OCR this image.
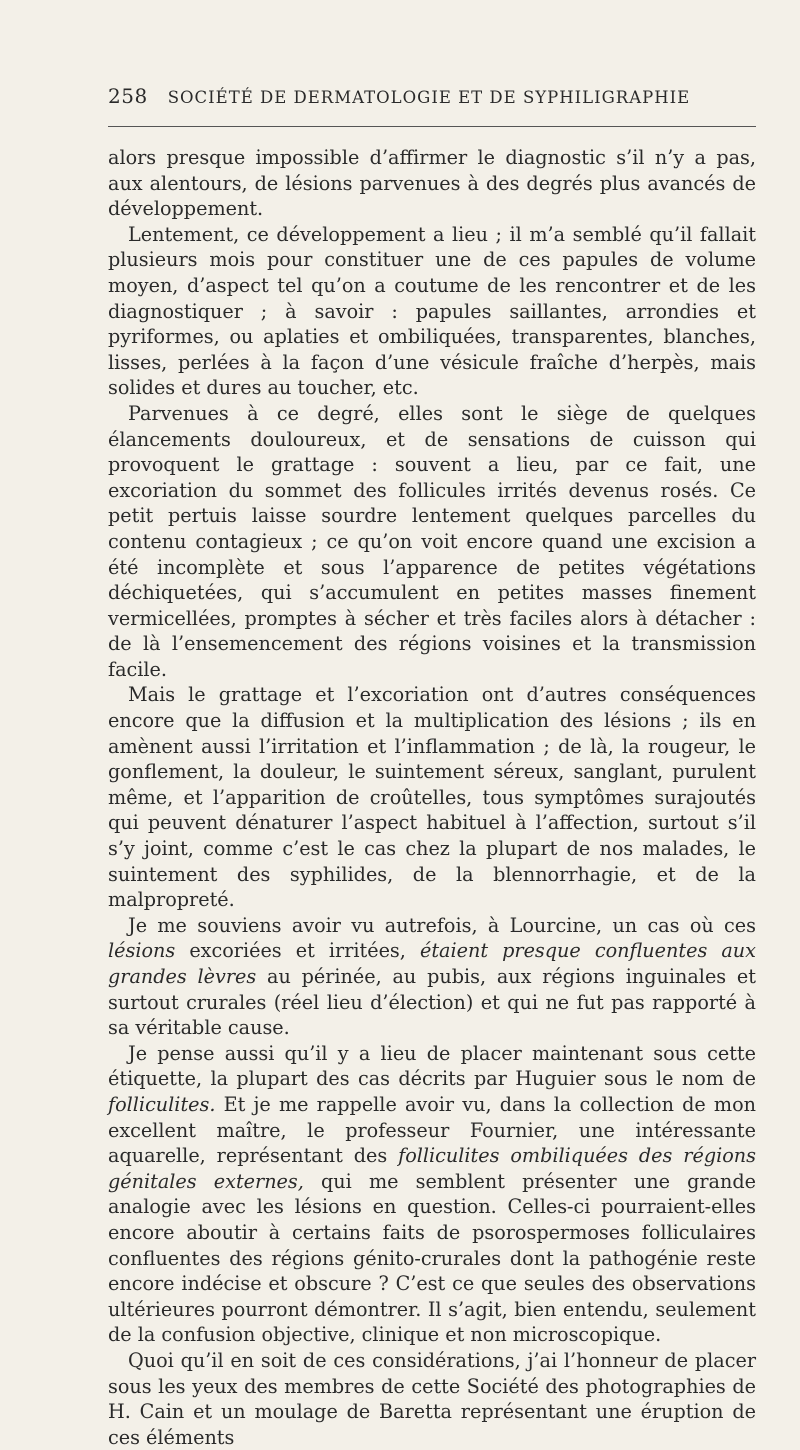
258 SOCIÉTÉ DE DERMATOLOGIE ET DE SYPHILIGRAPHIE

alors presque impossible d’affirmer le diagnostic s’il n’y a pas, aux alentours, de lésions parvenues à des degrés plus avancés de développement.

Lentement, ce développement a lieu ; il m’a semblé qu’il fallait plusieurs mois pour constituer une de ces papules de volume moyen, d’aspect tel qu’on a coutume de les rencontrer et de les diagnostiquer ; à savoir : papules saillantes, arrondies et pyriformes, ou aplaties et ombiliquées, transparentes, blanches, lisses, perlées à la façon d’une vésicule fraîche d’herpès, mais solides et dures au toucher, etc.

Parvenues à ce degré, elles sont le siège de quelques élancements douloureux, et de sensations de cuisson qui provoquent le grattage : souvent a lieu, par ce fait, une excoriation du sommet des follicules irrités devenus rosés. Ce petit pertuis laisse sourdre lentement quelques parcelles du contenu contagieux ; ce qu’on voit encore quand une excision a été incomplète et sous l’apparence de petites végétations déchiquetées, qui s’accumulent en petites masses finement vermicellées, promptes à sécher et très faciles alors à détacher : de là l’ensemencement des régions voisines et la transmission facile.

Mais le grattage et l’excoriation ont d’autres conséquences encore que la diffusion et la multiplication des lésions ; ils en amènent aussi l’irritation et l’inflammation ; de là, la rougeur, le gonflement, la douleur, le suintement séreux, sanglant, purulent même, et l’apparition de croûtelles, tous symptômes surajoutés qui peuvent dénaturer l’aspect habituel à l’affection, surtout s’il s’y joint, comme c’est le cas chez la plupart de nos malades, le suintement des syphilides, de la blennorrhagie, et de la malpropreté.

Je me souviens avoir vu autrefois, à Lourcine, un cas où ces lésions excoriées et irritées, étaient presque confluentes aux grandes lèvres au périnée, au pubis, aux régions inguinales et surtout crurales (réel lieu d’élection) et qui ne fut pas rapporté à sa véritable cause.

Je pense aussi qu’il y a lieu de placer maintenant sous cette étiquette, la plupart des cas décrits par Huguier sous le nom de folliculites. Et je me rappelle avoir vu, dans la collection de mon excellent maître, le professeur Fournier, une intéressante aquarelle, représentant des folliculites ombiliquées des régions génitales externes, qui me semblent présenter une grande analogie avec les lésions en question. Celles-ci pourraient-elles encore aboutir à certains faits de psorospermoses folliculaires confluentes des régions génito-crurales dont la pathogénie reste encore indécise et obscure ? C’est ce que seules des observations ultérieures pourront démontrer. Il s’agit, bien entendu, seulement de la confusion objective, clinique et non microscopique.

Quoi qu’il en soit de ces considérations, j’ai l’honneur de placer sous les yeux des membres de cette Société des photographies de H. Cain et un moulage de Baretta représentant une éruption de ces éléments
